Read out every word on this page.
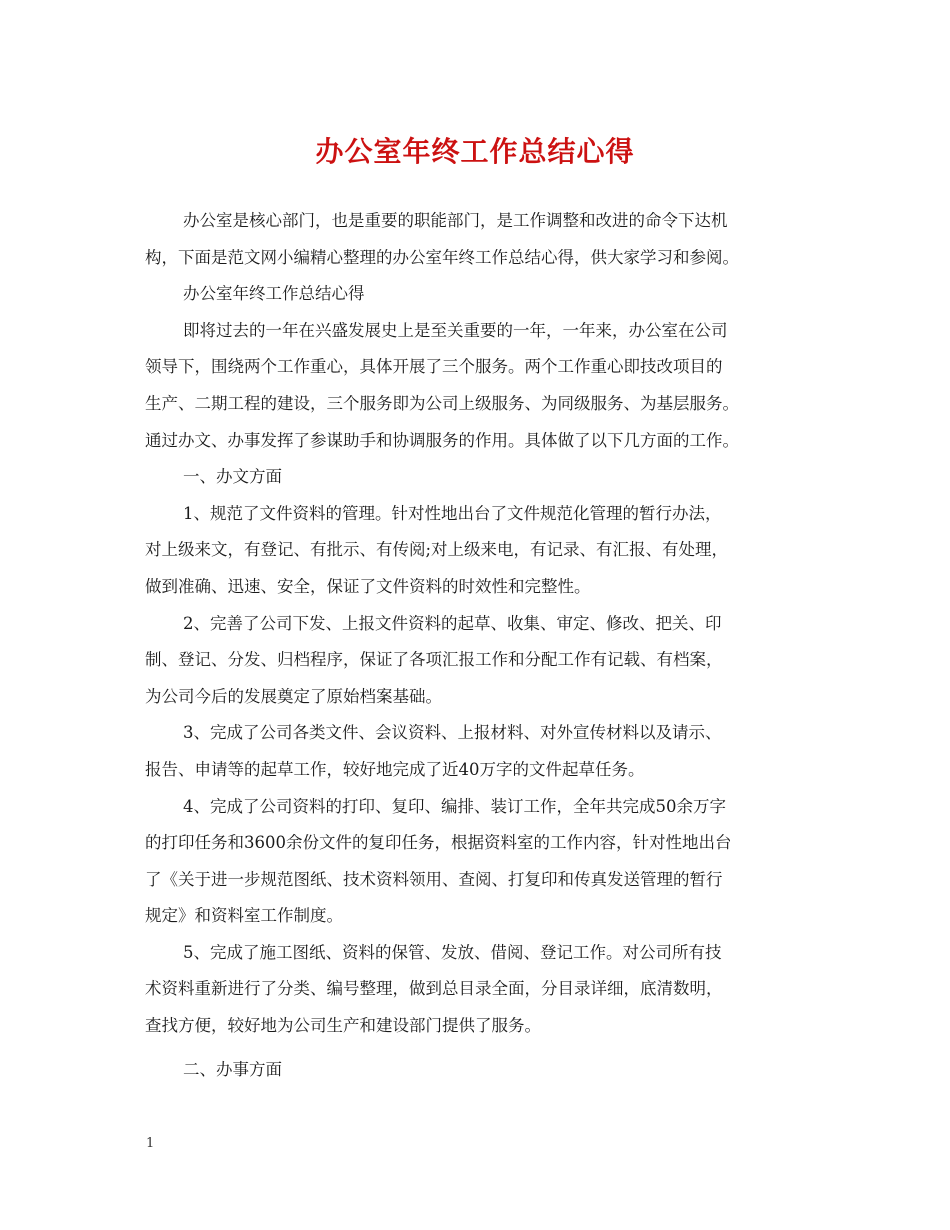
办公室年终工作总结心得
办公室是核心部门，也是重要的职能部门，是工作调整和改进的命令下达机
构，下面是范文网小编精心整理的办公室年终工作总结心得，供大家学习和参阅。
办公室年终工作总结心得
即将过去的一年在兴盛发展史上是至关重要的一年，一年来，办公室在公司
领导下，围绕两个工作重心，具体开展了三个服务。两个工作重心即技改项目的
生产、二期工程的建设，三个服务即为公司上级服务、为同级服务、为基层服务。
通过办文、办事发挥了参谋助手和协调服务的作用。具体做了以下几方面的工作。
一、办文方面
1、规范了文件资料的管理。针对性地出台了文件规范化管理的暂行办法，
对上级来文，有登记、有批示、有传阅;对上级来电，有记录、有汇报、有处理，
做到准确、迅速、安全，保证了文件资料的时效性和完整性。
2、完善了公司下发、上报文件资料的起草、收集、审定、修改、把关、印
制、登记、分发、归档程序，保证了各项汇报工作和分配工作有记载、有档案，
为公司今后的发展奠定了原始档案基础。
3、完成了公司各类文件、会议资料、上报材料、对外宣传材料以及请示、
报告、申请等的起草工作，较好地完成了近40万字的文件起草任务。
4、完成了公司资料的打印、复印、编排、装订工作，全年共完成50余万字
的打印任务和3600余份文件的复印任务，根据资料室的工作内容，针对性地出台
了《关于进一步规范图纸、技术资料领用、查阅、打复印和传真发送管理的暂行
规定》和资料室工作制度。
5、完成了施工图纸、资料的保管、发放、借阅、登记工作。对公司所有技
术资料重新进行了分类、编号整理，做到总目录全面，分目录详细，底清数明，
查找方便，较好地为公司生产和建设部门提供了服务。
二、办事方面
1
